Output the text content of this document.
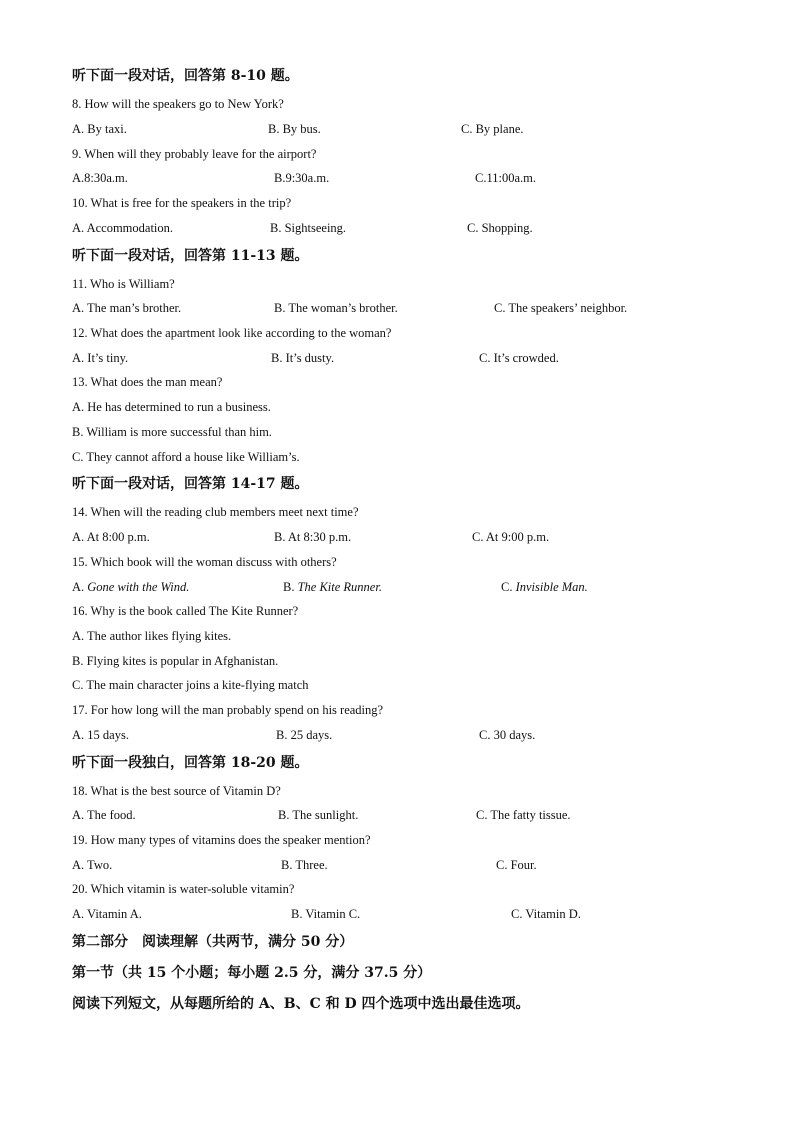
听下面一段对话，回答第 8-10 题。
8. How will the speakers go to New York?
A. By taxi.	B. By bus.	C. By plane.
9. When will they probably leave for the airport?
A.8:30a.m.	B.9:30a.m.	C.11:00a.m.
10. What is free for the speakers in the trip?
A. Accommodation.	B. Sightseeing.	C. Shopping.
听下面一段对话，回答第 11-13 题。
11. Who is William?
A. The man’s brother.	B. The woman’s brother.	C. The speakers’ neighbor.
12. What does the apartment look like according to the woman?
A. It’s tiny.	B. It’s dusty.	C. It’s crowded.
13. What does the man mean?
A. He has determined to run a business.
B. William is more successful than him.
C. They cannot afford a house like William’s.
听下面一段对话，回答第 14-17 题。
14. When will the reading club members meet next time?
A. At 8:00 p.m.	B. At 8:30 p.m.	C. At 9:00 p.m.
15. Which book will the woman discuss with others?
A. Gone with the Wind.	B. The Kite Runner.	C. Invisible Man.
16. Why is the book called The Kite Runner?
A. The author likes flying kites.
B. Flying kites is popular in Afghanistan.
C. The main character joins a kite-flying match
17. For how long will the man probably spend on his reading?
A. 15 days.	B. 25 days.	C. 30 days.
听下面一段独白，回答第 18-20 题。
18. What is the best source of Vitamin D?
A. The food.	B. The sunlight.	C. The fatty tissue.
19. How many types of vitamins does the speaker mention?
A. Two.	B. Three.	C. Four.
20. Which vitamin is water-soluble vitamin?
A. Vitamin A.	B. Vitamin C.	C. Vitamin D.
第二部分　阅读理解（共两节，满分 50 分）
第一节（共 15 个小题；每小题 2.5 分，满分 37.5 分）
阅读下列短文，从每题所给的 A、B、C 和 D 四个选项中选出最佳选项。
